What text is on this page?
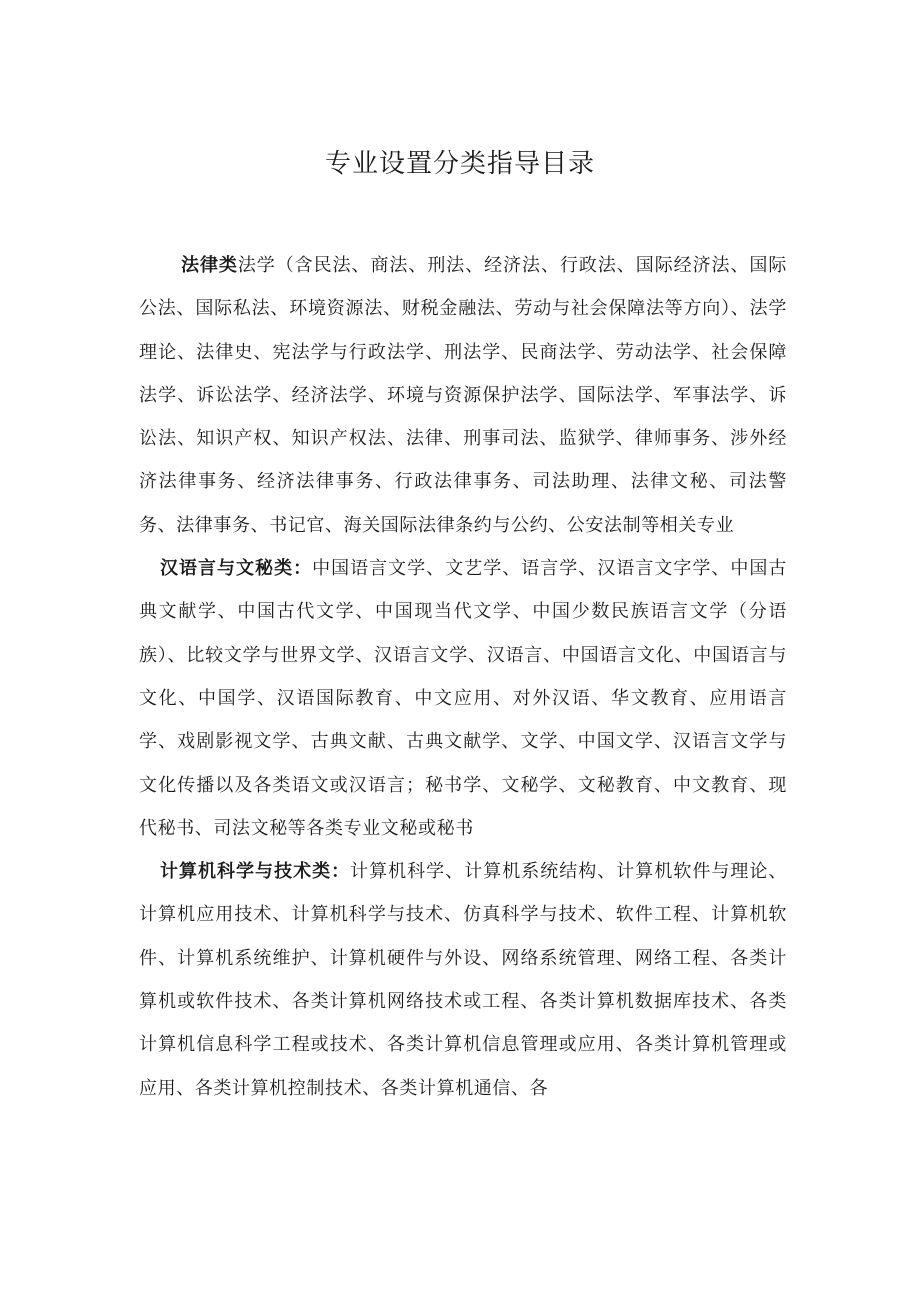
专业设置分类指导目录

法律类法学（含民法、商法、刑法、经济法、行政法、国际经济法、国际公法、国际私法、环境资源法、财税金融法、劳动与社会保障法等方向）、法学理论、法律史、宪法学与行政法学、刑法学、民商法学、劳动法学、社会保障法学、诉讼法学、经济法学、环境与资源保护法学、国际法学、军事法学、诉讼法、知识产权、知识产权法、法律、刑事司法、监狱学、律师事务、涉外经济法律事务、经济法律事务、行政法律事务、司法助理、法律文秘、司法警务、法律事务、书记官、海关国际法律条约与公约、公安法制等相关专业

汉语言与文秘类：中国语言文学、文艺学、语言学、汉语言文字学、中国古典文献学、中国古代文学、中国现当代文学、中国少数民族语言文学（分语族）、比较文学与世界文学、汉语言文学、汉语言、中国语言文化、中国语言与文化、中国学、汉语国际教育、中文应用、对外汉语、华文教育、应用语言学、戏剧影视文学、古典文献、古典文献学、文学、中国文学、汉语言文学与文化传播以及各类语文或汉语言；秘书学、文秘学、文秘教育、中文教育、现代秘书、司法文秘等各类专业文秘或秘书

计算机科学与技术类：计算机科学、计算机系统结构、计算机软件与理论、计算机应用技术、计算机科学与技术、仿真科学与技术、软件工程、计算机软件、计算机系统维护、计算机硬件与外设、网络系统管理、网络工程、各类计算机或软件技术、各类计算机网络技术或工程、各类计算机数据库技术、各类计算机信息科学工程或技术、各类计算机信息管理或应用、各类计算机管理或应用、各类计算机控制技术、各类计算机通信、各
